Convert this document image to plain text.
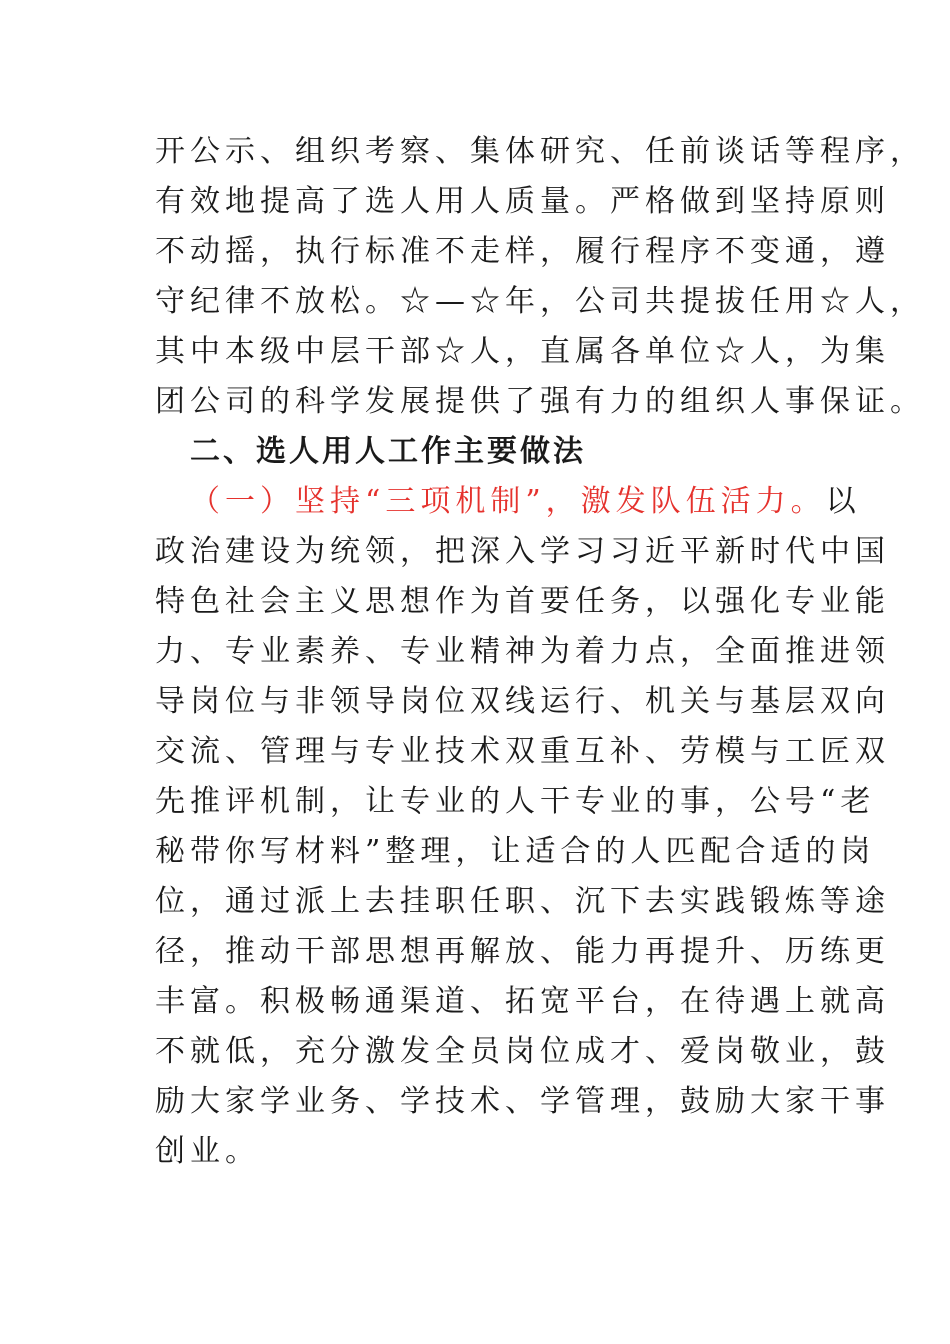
开公示、组织考察、集体研究、任前谈话等程序，

有效地提高了选人用人质量。严格做到坚持原则

不动摇，执行标准不走样，履行程序不变通，遵

守纪律不放松。☆—☆年，公司共提拔任用☆人，

其中本级中层干部☆人，直属各单位☆人，为集

团公司的科学发展提供了强有力的组织人事保证。

二、选人用人工作主要做法

（一）坚持“三项机制”，激发队伍活力。以

政治建设为统领，把深入学习习近平新时代中国

特色社会主义思想作为首要任务，以强化专业能

力、专业素养、专业精神为着力点，全面推进领

导岗位与非领导岗位双线运行、机关与基层双向

交流、管理与专业技术双重互补、劳模与工匠双

先推评机制，让专业的人干专业的事，公号“老

秘带你写材料”整理，让适合的人匹配合适的岗

位，通过派上去挂职任职、沉下去实践锻炼等途

径，推动干部思想再解放、能力再提升、历练更

丰富。积极畅通渠道、拓宽平台，在待遇上就高

不就低，充分激发全员岗位成才、爱岗敬业，鼓

励大家学业务、学技术、学管理，鼓励大家干事

创业。
